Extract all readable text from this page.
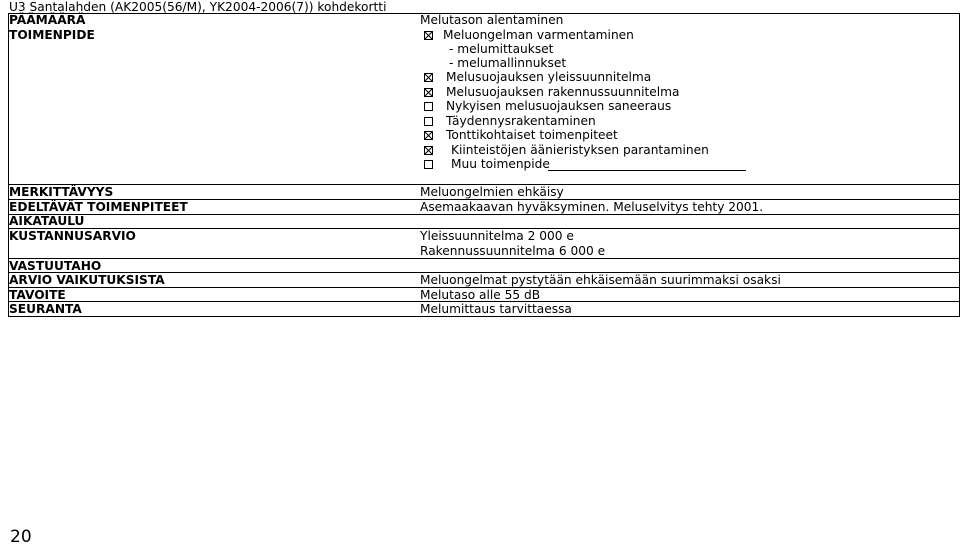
U3 Santalahden (AK2005(56/M), YK2004-2006(7)) kohdekortti
PÄÄMÄÄRÄ	Melutason alentaminen
TOIMENPIDE	Meluongelman varmentaminen
- melumittaukset
- melumallinnukset
Melusuojauksen yleissuunnitelma
Melusuojauksen rakennussuunnitelma
Nykyisen melusuojauksen saneeraus
Täydennysrakentaminen
Tonttikohtaiset toimenpiteet
Kiinteistöjen äänieristyksen parantaminen
Muu toimenpide
MERKITTÄVYYS	Meluongelmien ehkäisy
EDELTÄVÄT TOIMENPITEET	Asemaakaavan hyväksyminen. Meluselvitys tehty 2001.
AIKATAULU
KUSTANNUSARVIO	Yleissuunnitelma 2 000 e
Rakennussuunnitelma 6 000 e
VASTUUTAHO
ARVIO VAIKUTUKSISTA	Meluongelmat pystytään ehkäisemään suurimmaksi osaksi
TAVOITE	Melutaso alle 55 dB
SEURANTA	Melumittaus tarvittaessa
20
